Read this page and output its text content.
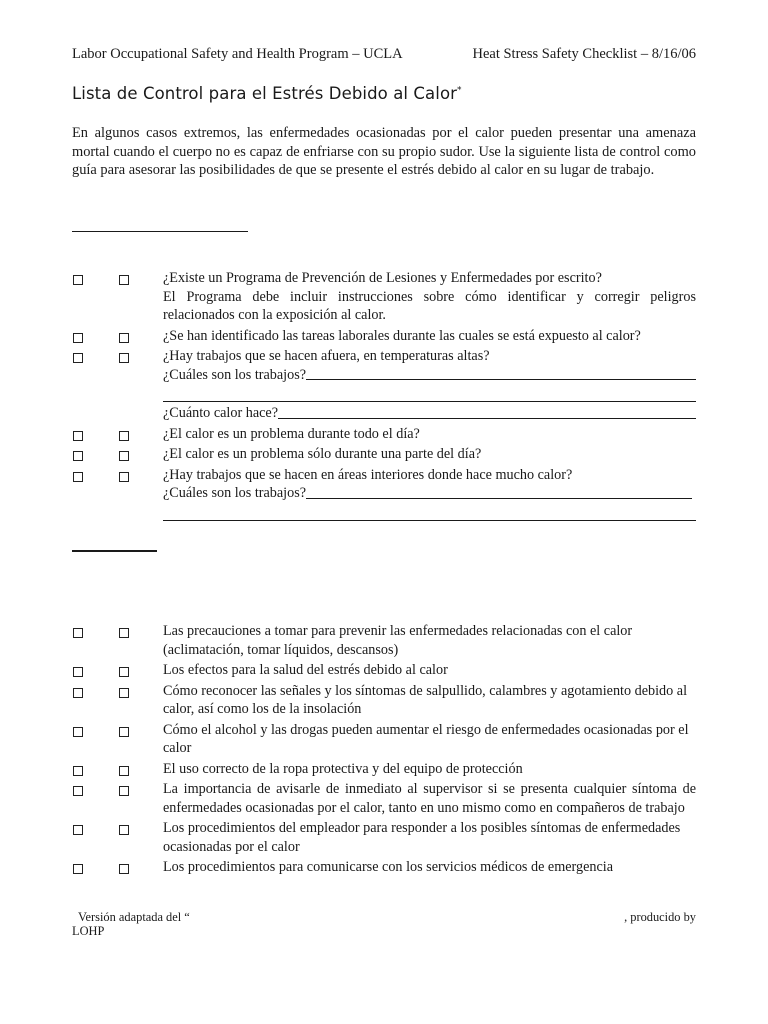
Labor Occupational Safety and Health Program – UCLA	Heat Stress Safety Checklist – 8/16/06
Lista de Control para el Estrés Debido al Calor*
En algunos casos extremos, las enfermedades ocasionadas por el calor pueden presentar una amenaza mortal cuando el cuerpo no es capaz de enfriarse con su propio sudor. Use la siguiente lista de control como guía para asesorar las posibilidades de que se presente el estrés debido al calor en su lugar de trabajo.
¿Existe un Programa de Prevención de Lesiones y Enfermedades por escrito?
El Programa debe incluir instrucciones sobre cómo identificar y corregir peligros relacionados con la exposición al calor.
¿Se han identificado las tareas laborales durante las cuales se está expuesto al calor?
¿Hay trabajos que se hacen afuera, en temperaturas altas?
¿Cuáles son los trabajos?
¿Cuánto calor hace?
¿El calor es un problema durante todo el día?
¿El calor es un problema sólo durante una parte del día?
¿Hay trabajos que se hacen en áreas interiores donde hace mucho calor?
¿Cuáles son los trabajos?
Las precauciones a tomar para prevenir las enfermedades relacionadas con el calor (aclimatación, tomar líquidos, descansos)
Los efectos para la salud del estrés debido al calor
Cómo reconocer las señales y los síntomas de salpullido, calambres y agotamiento debido al calor, así como los de la insolación
Cómo el alcohol y las drogas pueden aumentar el riesgo de enfermedades ocasionadas por el calor
El uso correcto de la ropa protectiva y del equipo de protección
La importancia de avisarle de inmediato al supervisor si se presenta cualquier síntoma de enfermedades ocasionadas por el calor, tanto en uno mismo como en compañeros de trabajo
Los procedimientos del empleador para responder a los posibles síntomas de enfermedades ocasionadas por el calor
Los procedimientos para comunicarse con los servicios médicos de emergencia
Versión adaptada del “	, producido by
LOHP
